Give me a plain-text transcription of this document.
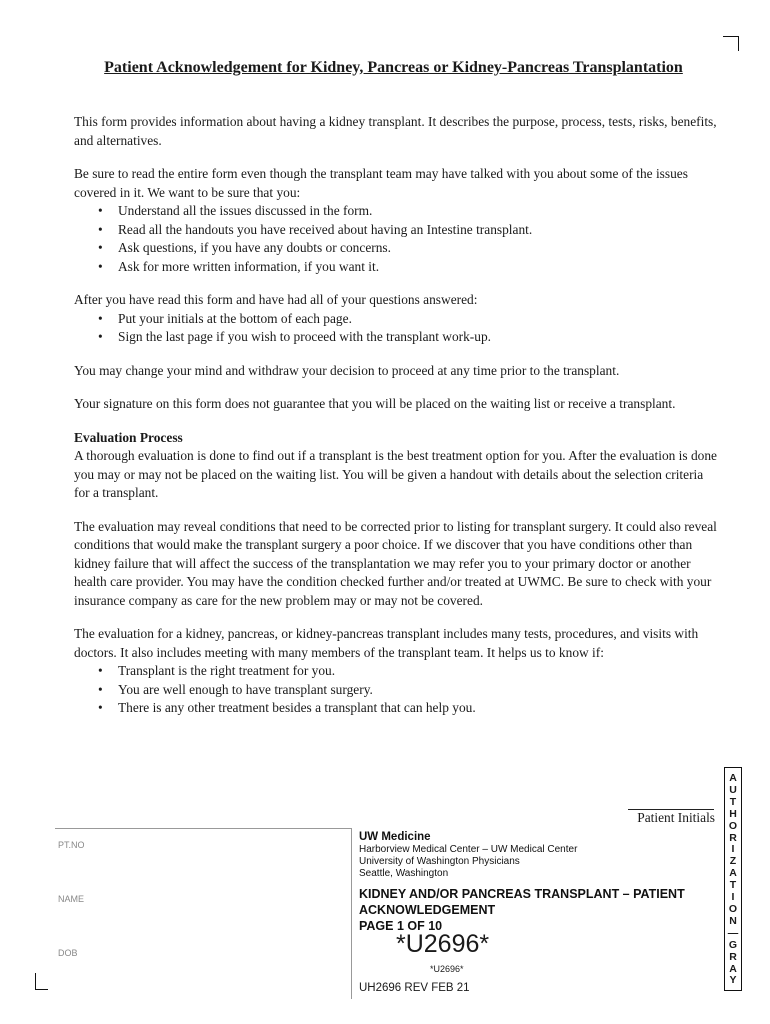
Patient Acknowledgement for Kidney, Pancreas or Kidney-Pancreas Transplantation

This form provides information about having a kidney transplant. It describes the purpose, process, tests, risks, benefits, and alternatives.

Be sure to read the entire form even though the transplant team may have talked with you about some of the issues covered in it. We want to be sure that you:

• Understand all the issues discussed in the form.
• Read all the handouts you have received about having an Intestine transplant.
• Ask questions, if you have any doubts or concerns.
• Ask for more written information, if you want it.

After you have read this form and have had all of your questions answered:

• Put your initials at the bottom of each page.
• Sign the last page if you wish to proceed with the transplant work-up.

You may change your mind and withdraw your decision to proceed at any time prior to the transplant.

Your signature on this form does not guarantee that you will be placed on the waiting list or receive a transplant.

Evaluation Process

A thorough evaluation is done to find out if a transplant is the best treatment option for you. After the evaluation is done you may or may not be placed on the waiting list. You will be given a handout with details about the selection criteria for a transplant.

The evaluation may reveal conditions that need to be corrected prior to listing for transplant surgery. It could also reveal conditions that would make the transplant surgery a poor choice. If we discover that you have conditions other than kidney failure that will affect the success of the transplantation we may refer you to your primary doctor or another health care provider. You may have the condition checked further and/or treated at UWMC. Be sure to check with your insurance company as care for the new problem may or may not be covered.

The evaluation for a kidney, pancreas, or kidney-pancreas transplant includes many tests, procedures, and visits with doctors. It also includes meeting with many members of the transplant team. It helps us to know if:

• Transplant is the right treatment for you.
• You are well enough to have transplant surgery.
• There is any other treatment besides a transplant that can help you.
Patient Initials
A
U
T
H
O
R
I
Z
A
T
I
O
N
—
G
R
A
Y
PT.NO
NAME
DOB
UW Medicine
Harborview Medical Center – UW Medical Center
University of Washington Physicians
Seattle, Washington
KIDNEY AND/OR PANCREAS TRANSPLANT – PATIENT
ACKNOWLEDGEMENT
PAGE 1 OF 10
*U2696*
*U2696*
UH2696 REV FEB 21
